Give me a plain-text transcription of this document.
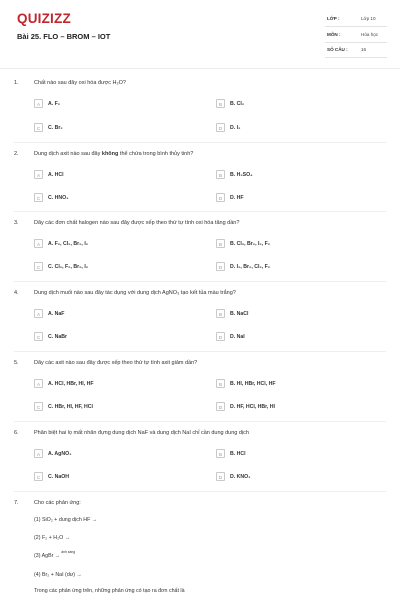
QUIZIZZ
Bài 25. FLO – BROM – IOT
LỚP :	Lớp 10
MÔN :	Hóa học
SỐ CÂU :	16
1.	Chất nào sau đây oxi hóa được H₂O?
A	A. F₂	B	B. Cl₂
C	C. Br₂	D	D. I₂
2.	Dung dịch axit nào sau đây không thể chứa trong bình thủy tinh?
A	A. HCl	B	B. H₂SO₄
C	C. HNO₃	D	D. HF
3.	Dãy các đơn chất halogen nào sau đây được xếp theo thứ tự tính oxi hóa tăng dần?
A	A. F₂, Cl₂, Br₂, I₂	B	B. Cl₂, Br₂, I₂, F₂
C	C. Cl₂, F₂, Br₂, I₂	D	D. I₂, Br₂, Cl₂, F₂
4.	Dung dịch muối nào sau đây tác dụng với dung dịch AgNO₃ tạo kết tủa màu trắng?
A	A. NaF	B	B. NaCl
C	C. NaBr	D	D. NaI
5.	Dãy các axit nào sau đây được xếp theo thứ tự tính axit giảm dần?
A	A. HCl, HBr, HI, HF	B	B. HI, HBr, HCl, HF
C	C. HBr, HI, HF, HCl	D	D. HF, HCl, HBr, HI
6.	Phân biệt hai lọ mất nhãn đựng dung dịch NaF và dung dịch NaI chỉ cần dung dung dịch
A	A. AgNO₃	B	B. HCl
C	C. NaOH	D	D. KNO₃
7.	Cho các phản ứng:
(1) SiO₂ + dung dịch HF →
(2) F₂ + H₂O →
(3) AgBr →$^{ánh sáng}$
(4) Br₂ + NaI (dư) →
Trong các phản ứng trên, những phản ứng có tạo ra đơn chất là
